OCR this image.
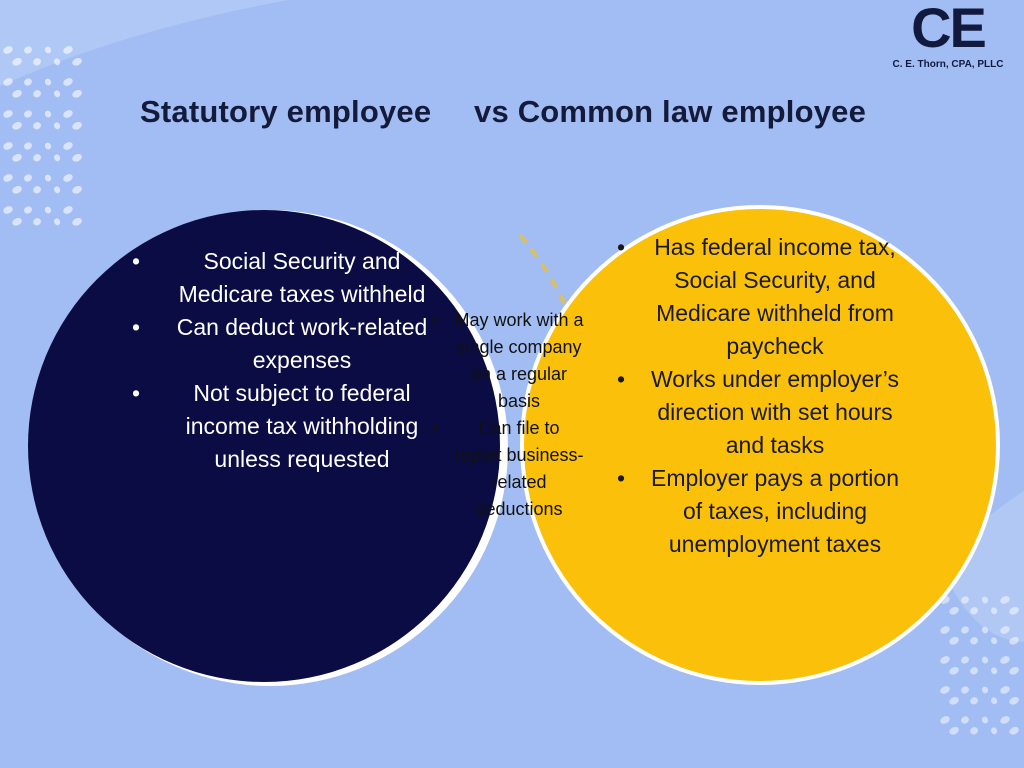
Statutory employee vs Common law employee
CE
C. E. Thorn, CPA, PLLC
• Social Security and Medicare taxes withheld
• Can deduct work-related expenses
• Not subject to federal income tax withholding unless requested
• May work with a single company on a regular basis
• Can file to report business-related deductions
• Has federal income tax, Social Security, and Medicare withheld from paycheck
• Works under employer’s direction with set hours and tasks
• Employer pays a portion of taxes, including unemployment taxes
